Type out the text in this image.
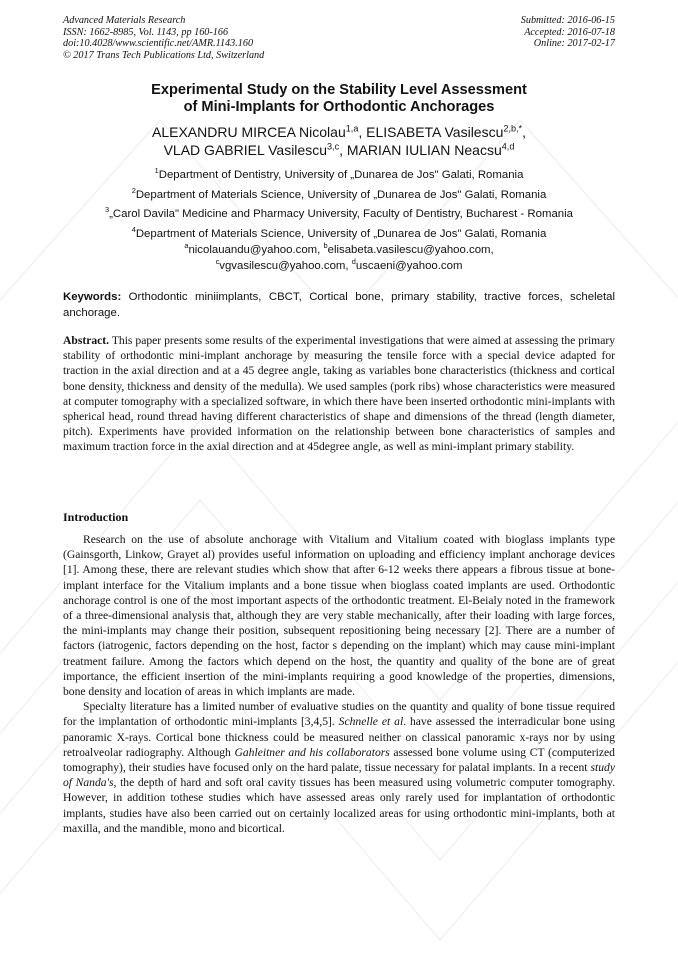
Advanced Materials Research
ISSN: 1662-8985, Vol. 1143, pp 160-166
doi:10.4028/www.scientific.net/AMR.1143.160
© 2017 Trans Tech Publications Ltd, Switzerland
Submitted: 2016-06-15
Accepted: 2016-07-18
Online: 2017-02-17
Experimental Study on the Stability Level Assessment
of Mini-Implants for Orthodontic Anchorages
ALEXANDRU MIRCEA Nicolau$^{1,a}$, ELISABETA Vasilescu$^{2,b,*}$,
VLAD GABRIEL Vasilescu$^{3,c}$, MARIAN IULIAN Neacsu$^{4,d}$
$^1$Department of Dentistry, University of „Dunarea de Jos" Galati, Romania
$^2$Department of Materials Science, University of „Dunarea de Jos" Galati, Romania
$^3$„Carol Davila" Medicine and Pharmacy University, Faculty of Dentistry, Bucharest - Romania
$^4$Department of Materials Science, University of „Dunarea de Jos" Galati, Romania
$^a$nicolauandu@yahoo.com, $^b$elisabeta.vasilescu@yahoo.com,
$^c$vgvasilescu@yahoo.com, $^d$uscaeni@yahoo.com
Keywords: Orthodontic miniimplants, CBCT, Cortical bone, primary stability, tractive forces, scheletal anchorage.
Abstract. This paper presents some results of the experimental investigations that were aimed at assessing the primary stability of orthodontic mini-implant anchorage by measuring the tensile force with a special device adapted for traction in the axial direction and at a 45 degree angle, taking as variables bone characteristics (thickness and cortical bone density, thickness and density of the medulla). We used samples (pork ribs) whose characteristics were measured at computer tomography with a specialized software, in which there have been inserted orthodontic mini-implants with spherical head, round thread having different characteristics of shape and dimensions of the thread (length diameter, pitch). Experiments have provided information on the relationship between bone characteristics of samples and maximum traction force in the axial direction and at 45degree angle, as well as mini-implant primary stability.
Introduction

Research on the use of absolute anchorage with Vitalium and Vitalium coated with bioglass implants type (Gainsgorth, Linkow, Grayet al) provides useful information on uploading and efficiency implant anchorage devices [1]. Among these, there are relevant studies which show that after 6-12 weeks there appears a fibrous tissue at bone-implant interface for the Vitalium implants and a bone tissue when bioglass coated implants are used. Orthodontic anchorage control is one of the most important aspects of the orthodontic treatment. El-Beialy noted in the framework of a three-dimensional analysis that, although they are very stable mechanically, after their loading with large forces, the mini-implants may change their position, subsequent repositioning being necessary [2]. There are a number of factors (iatrogenic, factors depending on the host, factor s depending on the implant) which may cause mini-implant treatment failure. Among the factors which depend on the host, the quantity and quality of the bone are of great importance, the efficient insertion of the mini-implants requiring a good knowledge of the properties, dimensions, bone density and location of areas in which implants are made.

Specialty literature has a limited number of evaluative studies on the quantity and quality of bone tissue required for the implantation of orthodontic mini-implants [3,4,5]. Schnelle et al. have assessed the interradicular bone using panoramic X-rays. Cortical bone thickness could be measured neither on classical panoramic x-rays nor by using retroalveolar radiography. Although Gahleitner and his collaborators assessed bone volume using CT (computerized tomography), their studies have focused only on the hard palate, tissue necessary for palatal implants. In a recent study of Nanda's, the depth of hard and soft oral cavity tissues has been measured using volumetric computer tomography. However, in addition tothese studies which have assessed areas only rarely used for implantation of orthodontic implants, studies have also been carried out on certainly localized areas for using orthodontic mini-implants, both at maxilla, and the mandible, mono and bicortical.
